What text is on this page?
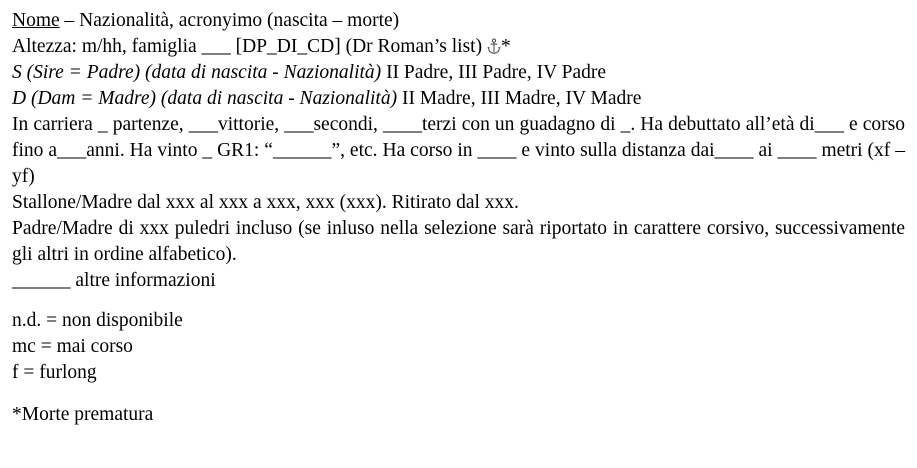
Nome – Nazionalità, acronyimo (nascita – morte)
Altezza: m/hh, famiglia ___ [DP_DI_CD] (Dr Roman’s list)
*
S (Sire = Padre) (data di nascita - Nazionalità) II Padre, III Padre, IV Padre
D (Dam = Madre) (data di nascita - Nazionalità) II Madre, III Madre, IV Madre
In carriera _ partenze, ___vittorie, ___secondi, ____terzi con un guadagno di _. Ha debuttato all’età di___ e corso fino a___anni. Ha vinto _ GR1: “______”, etc. Ha corso in ____ e vinto sulla distanza dai____ ai ____ metri (xf – yf)
Stallone/Madre dal xxx al xxx a xxx, xxx (xxx). Ritirato dal xxx.
Padre/Madre di xxx puledri incluso (se inluso nella selezione sarà riportato in carattere corsivo, successivamente gli altri in ordine alfabetico).
______ altre informazioni
n.d. = non disponibile
mc = mai corso
f = furlong
*Morte prematura
